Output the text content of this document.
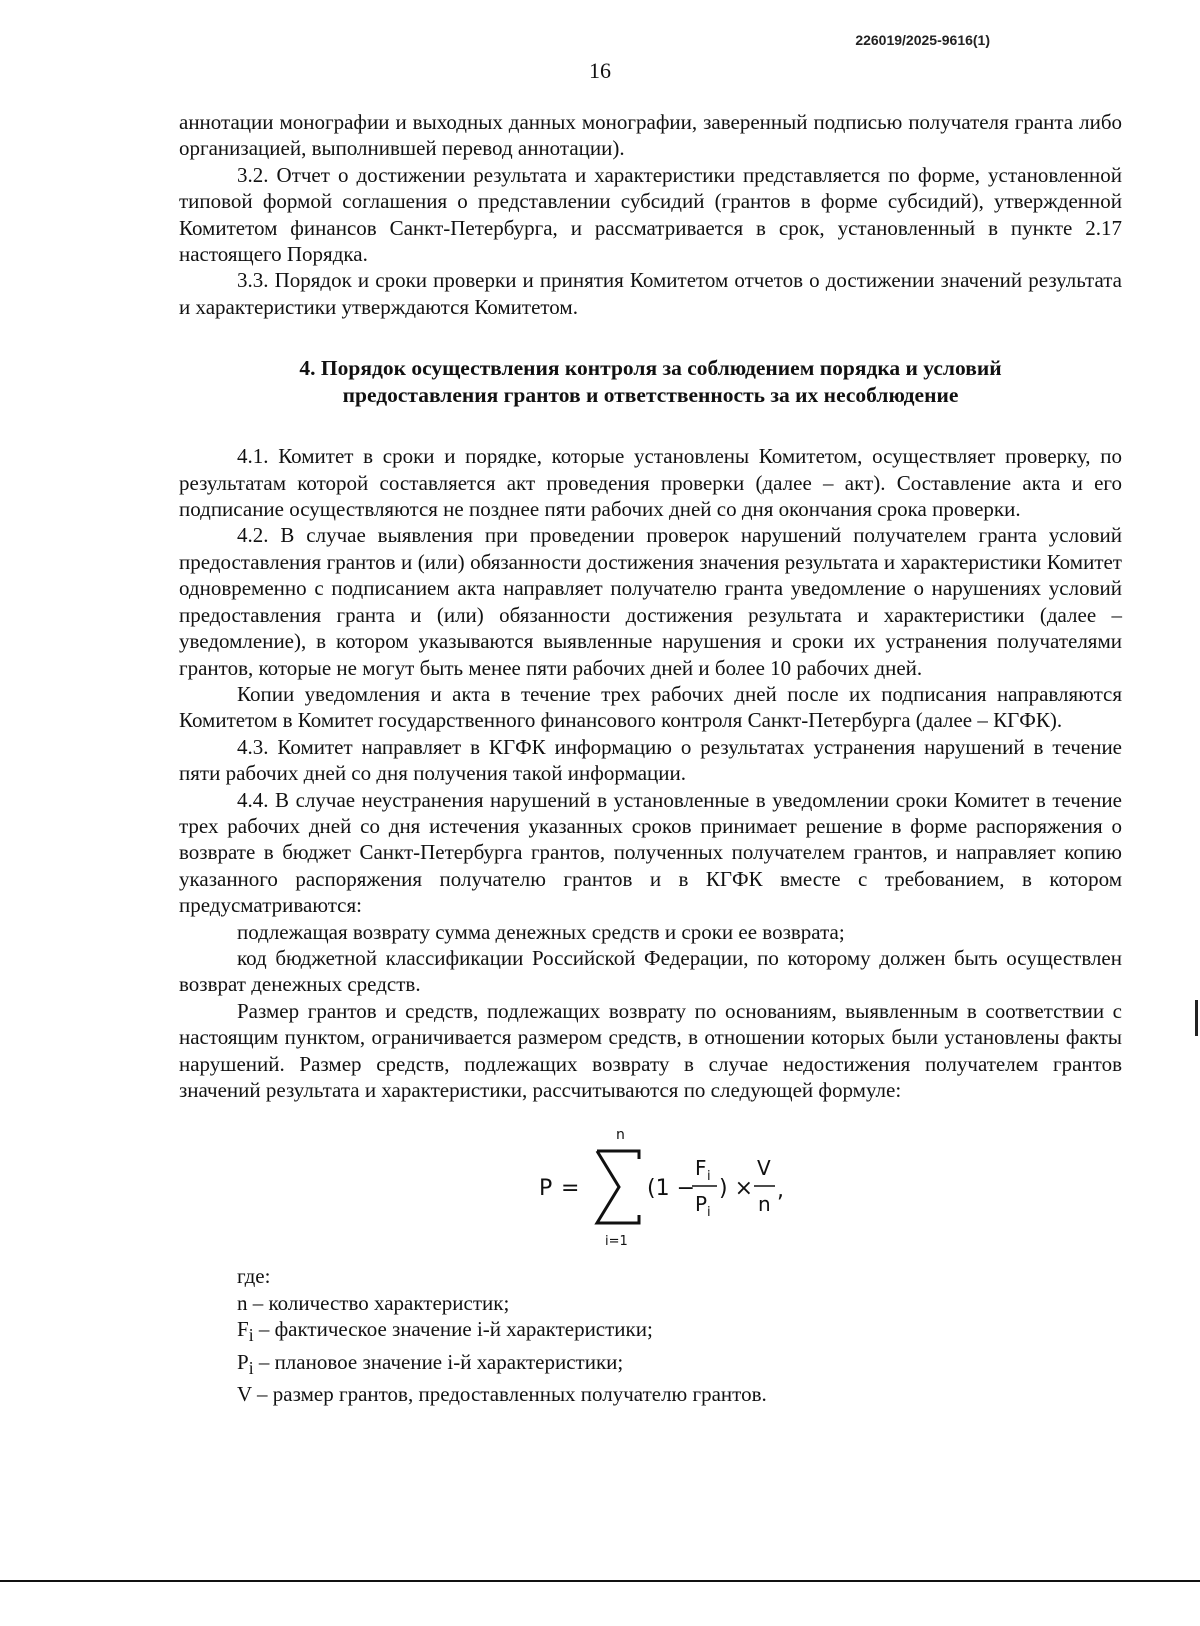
226019/2025-9616(1)
16

аннотации монографии и выходных данных монографии, заверенный подписью получателя гранта либо организацией, выполнившей перевод аннотации).

3.2. Отчет о достижении результата и характеристики представляется по форме, установленной типовой формой соглашения о представлении субсидий (грантов в форме субсидий), утвержденной Комитетом финансов Санкт-Петербурга, и рассматривается в срок, установленный в пункте 2.17 настоящего Порядка.

3.3. Порядок и сроки проверки и принятия Комитетом отчетов о достижении значений результата и характеристики утверждаются Комитетом.

4. Порядок осуществления контроля за соблюдением порядка и условий
предоставления грантов и ответственность за их несоблюдение

4.1. Комитет в сроки и порядке, которые установлены Комитетом, осуществляет проверку, по результатам которой составляется акт проведения проверки (далее – акт). Составление акта и его подписание осуществляются не позднее пяти рабочих дней со дня окончания срока проверки.

4.2. В случае выявления при проведении проверок нарушений получателем гранта условий предоставления грантов и (или) обязанности достижения значения результата и характеристики Комитет одновременно с подписанием акта направляет получателю гранта уведомление о нарушениях условий предоставления гранта и (или) обязанности достижения результата и характеристики (далее – уведомление), в котором указываются выявленные нарушения и сроки их устранения получателями грантов, которые не могут быть менее пяти рабочих дней и более 10 рабочих дней.

Копии уведомления и акта в течение трех рабочих дней после их подписания направляются Комитетом в Комитет государственного финансового контроля Санкт-Петербурга (далее – КГФК).

4.3. Комитет направляет в КГФК информацию о результатах устранения нарушений в течение пяти рабочих дней со дня получения такой информации.

4.4. В случае неустранения нарушений в установленные в уведомлении сроки Комитет в течение трех рабочих дней со дня истечения указанных сроков принимает решение в форме распоряжения о возврате в бюджет Санкт-Петербурга грантов, полученных получателем грантов, и направляет копию указанного распоряжения получателю грантов и в КГФК вместе с требованием, в котором предусматриваются:

подлежащая возврату сумма денежных средств и сроки ее возврата;

код бюджетной классификации Российской Федерации, по которому должен быть осуществлен возврат денежных средств.

Размер грантов и средств, подлежащих возврату по основаниям, выявленным в соответствии с настоящим пунктом, ограничивается размером средств, в отношении которых были установлены факты нарушений. Размер средств, подлежащих возврату в случае недостижения получателем грантов значений результата и характеристики, рассчитываются по следующей формуле:

P =
n
i=1
(1 −
F i
P i
) ×
V
n
,

где:

n – количество характеристик;

$F_i$ – фактическое значение i-й характеристики;

$P_i$ – плановое значение i-й характеристики;

V – размер грантов, предоставленных получателю грантов.
